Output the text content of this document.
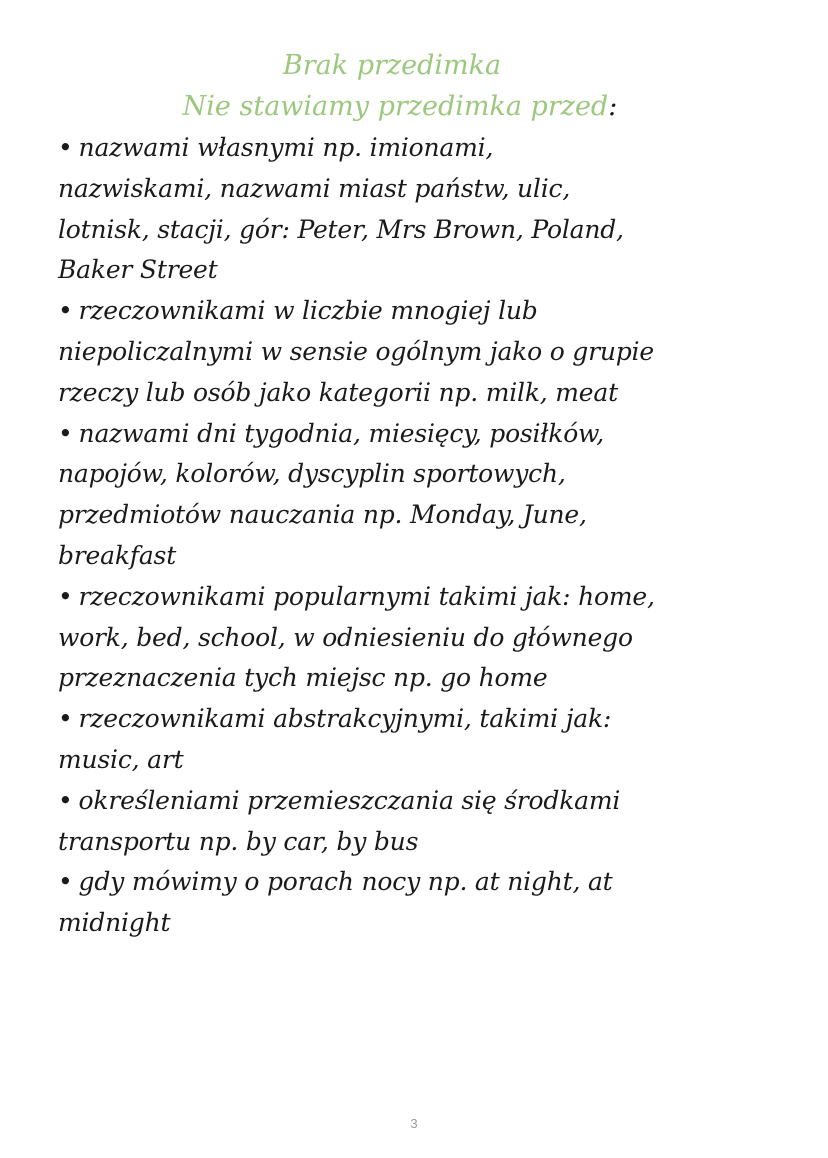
Brak przedimka
Nie stawiamy przedimka przed:
• nazwami własnymi np. imionami,
nazwiskami, nazwami miast państw, ulic,
lotnisk, stacji, gór: Peter, Mrs Brown, Poland,
Baker Street
• rzeczownikami w liczbie mnogiej lub
niepoliczalnymi w sensie ogólnym jako o grupie
rzeczy lub osób jako kategorii np. milk, meat
• nazwami dni tygodnia, miesięcy, posiłków,
napojów, kolorów, dyscyplin sportowych,
przedmiotów nauczania np. Monday, June,
breakfast
• rzeczownikami popularnymi takimi jak: home,
work, bed, school, w odniesieniu do głównego
przeznaczenia tych miejsc np. go home
• rzeczownikami abstrakcyjnymi, takimi jak:
music, art
• określeniami przemieszczania się środkami
transportu np. by car, by bus
• gdy mówimy o porach nocy np. at night, at
midnight
3
